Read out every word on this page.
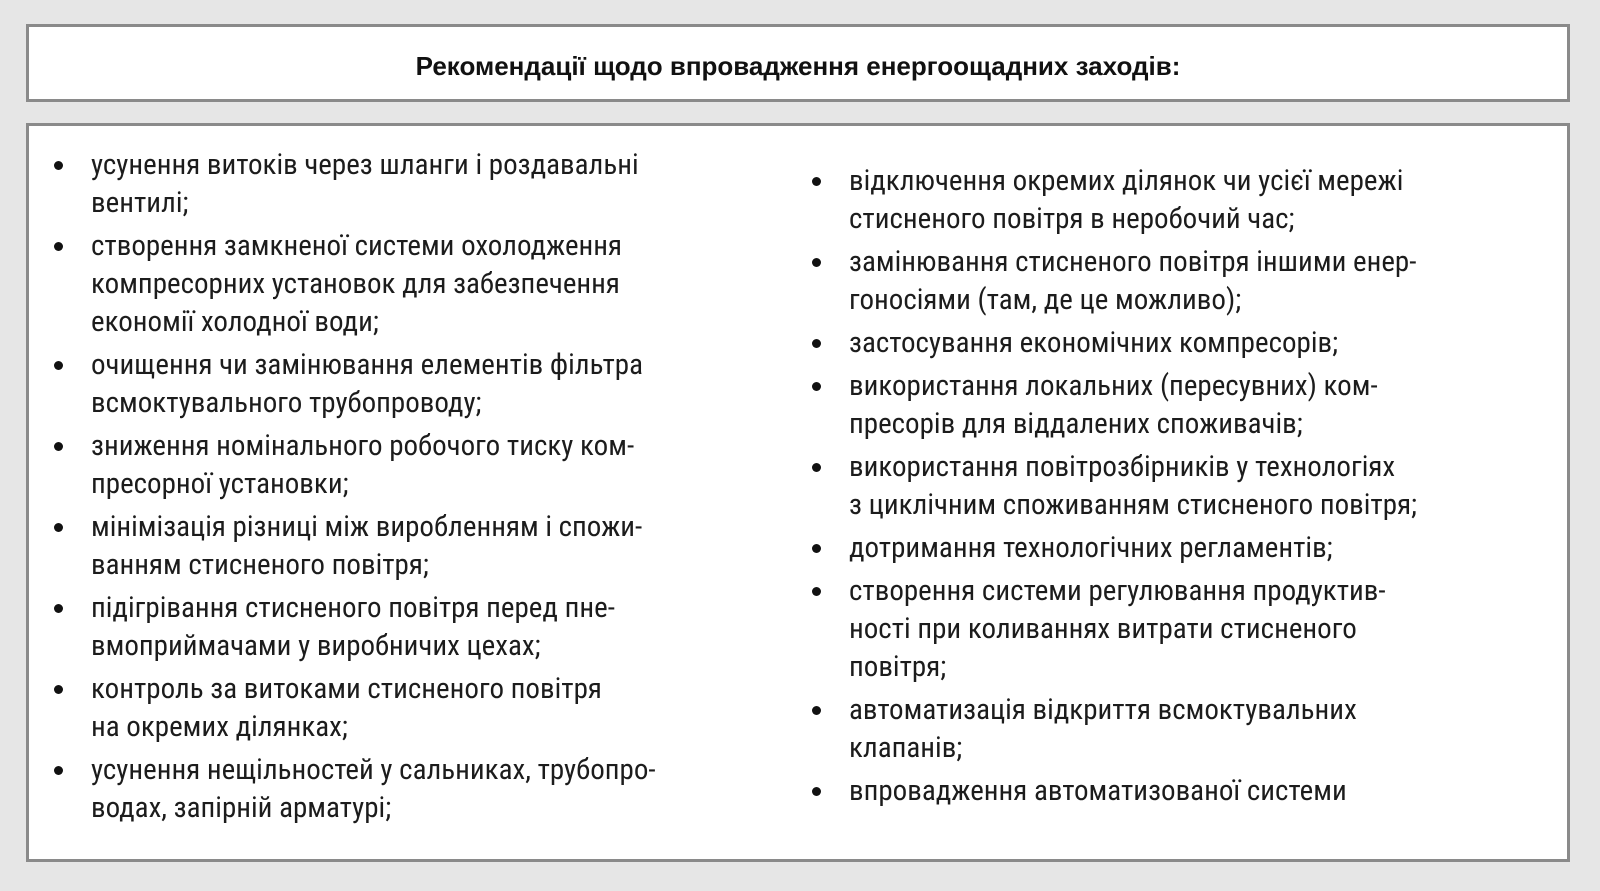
Рекомендації щодо впровадження енергоощадних заходів:
усунення витоків через шланги і роздавальні
вентилі;
створення замкненої системи охолодження
компресорних установок для забезпечення
економії холодної води;
очищення чи замінювання елементів фільтра
всмоктувального трубопроводу;
зниження номінального робочого тиску ком-
пресорної установки;
мінімізація різниці між виробленням і спожи-
ванням стисненого повітря;
підігрівання стисненого повітря перед пне-
вмоприймачами у виробничих цехах;
контроль за витоками стисненого повітря
на окремих ділянках;
усунення нещільностей у сальниках, трубопро-
водах, запірній арматурі;
відключення окремих ділянок чи усієї мережі
стисненого повітря в неробочий час;
замінювання стисненого повітря іншими енер-
гоносіями (там, де це можливо);
застосування економічних компресорів;
використання локальних (пересувних) ком-
пресорів для віддалених споживачів;
використання повітрозбірників у технологіях
з циклічним споживанням стисненого повітря;
дотримання технологічних регламентів;
створення системи регулювання продуктив-
ності при коливаннях витрати стисненого
повітря;
автоматизація відкриття всмоктувальних
клапанів;
впровадження автоматизованої системи
